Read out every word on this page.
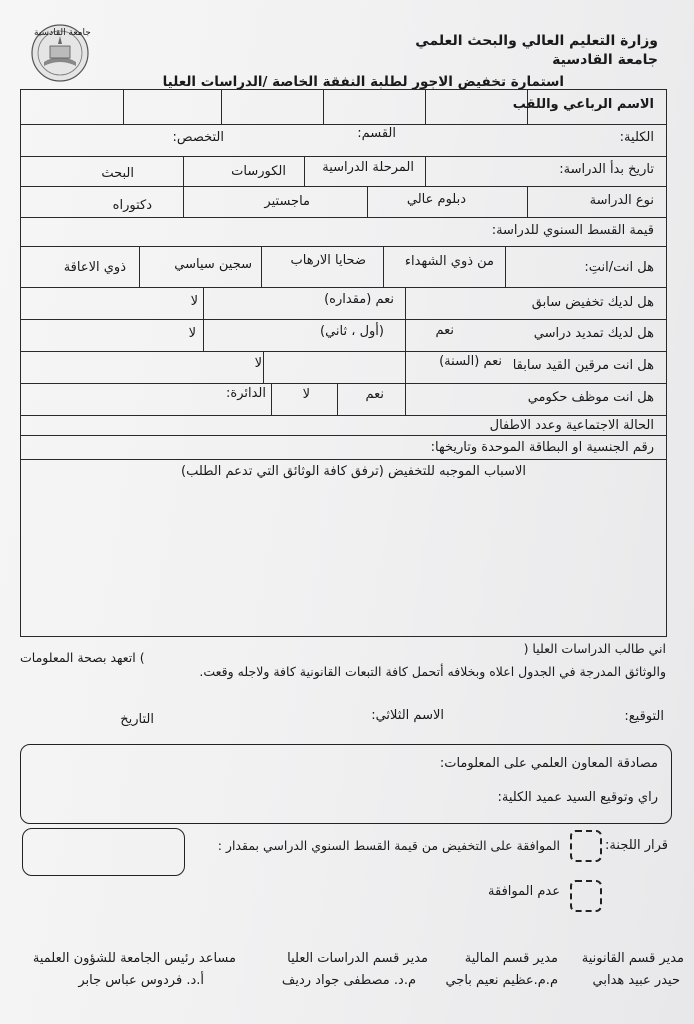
جامعة القادسية	وزارة التعليم العالي والبحث العلمي
جامعة القادسية
استمارة تخفيض الاجور لطلبة النفقة الخاصة /الدراسات العليا
الاسم الرباعي واللقب
الكلية:
القسم:
التخصص:
تاريخ بدأ الدراسة:
المرحلة الدراسية
الكورسات
البحث
نوع الدراسة
دبلوم عالي
ماجستير
دكتوراه
قيمة القسط السنوي للدراسة:
هل انت/انتِ:
من ذوي الشهداء
ضحايا الارهاب
سجين سياسي
ذوي الاعاقة
هل لديك تخفيض سابق
نعم (مقداره)
لا
هل لديك تمديد دراسي
نعم
(أول ، ثاني)
لا
هل انت مرقين القيد سابقا
نعم (السنة)
لا
هل انت موظف حكومي
نعم
لا
الدائرة:
الحالة الاجتماعية وعدد الاطفال
رقم الجنسية او البطاقة الموحدة وتاريخها:
الاسباب الموجبه للتخفيض (ترفق كافة الوثائق التي تدعم الطلب)
اني طالب الدراسات العليا (
) اتعهد بصحة المعلومات
والوثائق المدرجة في الجدول اعلاه وبخلافه أتحمل كافة التبعات القانونية كافة ولاجله وقعت.
التوقيع:
الاسم الثلاثي:
التاريخ
مصادقة المعاون العلمي على المعلومات:
راي وتوقيع السيد عميد الكلية:
قرار اللجنة:
الموافقة على التخفيض من قيمة القسط السنوي الدراسي بمقدار :
عدم الموافقة
مدير قسم القانونية
حيدر عبيد هدابي
مدير قسم المالية
م.م.عظيم نعيم باجي
مدير قسم الدراسات العليا
م.د. مصطفى جواد رديف
مساعد رئيس الجامعة للشؤون العلمية
أ.د. فردوس عباس جابر
